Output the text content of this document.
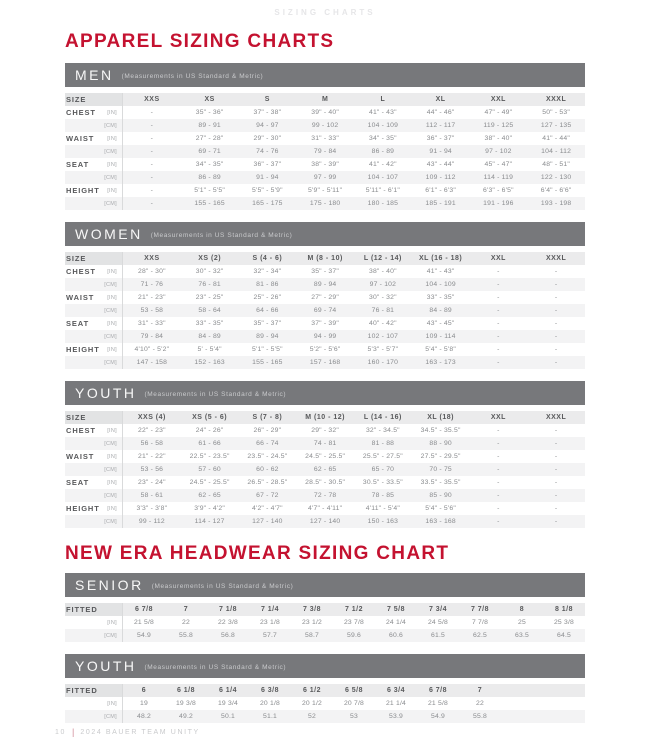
SIZING CHARTS
APPAREL SIZING CHARTS
MEN (Measurements in US Standard & Metric)
SIZE	XXS	XS	S	M	L	XL	XXL	XXXL
CHEST [IN]	-	35" - 36"	37" - 38"	39" - 40"	41" - 43"	44" - 46"	47" - 49"	50" - 53"
[CM]	-	89 - 91	94 - 97	99 - 102	104 - 109	112 - 117	119 - 125	127 - 135
WAIST [IN]	-	27" - 28"	29" - 30"	31" - 33"	34" - 35"	36" - 37"	38" - 40"	41" - 44"
[CM]	-	69 - 71	74 - 76	79 - 84	86 - 89	91 - 94	97 - 102	104 - 112
SEAT	[IN]	-	34" - 35"	36" - 37"	38" - 39"	41" - 42"	43" - 44"	45" - 47"	48" - 51"
[CM]	-	86 - 89	91 - 94	97 - 99	104 - 107	109 - 112	114 - 119	122 - 130
HEIGHT [IN]	-	5'1" - 5'5"	5'5" - 5'9"	5'9" - 5'11"	5'11" - 6'1"	6'1" - 6'3"	6'3" - 6'5"	6'4" - 6'6"
[CM]	-	155 - 165	165 - 175	175 - 180	180 - 185	185 - 191	191 - 196	193 - 198
WOMEN (Measurements in US Standard & Metric)
SIZE	XXS	XS (2)	S (4 - 6)	M (8 - 10)	L (12 - 14)	XL (16 - 18)	XXL	XXXL
CHEST [IN]	28" - 30"	30" - 32"	32" - 34"	35" - 37"	38" - 40"	41" - 43"	-	-
[CM]	71 - 76	76 - 81	81 - 86	89 - 94	97 - 102	104 - 109	-	-
WAIST [IN]	21" - 23"	23" - 25"	25" - 26"	27" - 29"	30" - 32"	33" - 35"	-	-
[CM]	53 - 58	58 - 64	64 - 66	69 - 74	76 - 81	84 - 89	-	-
SEAT	[IN]	31" - 33"	33" - 35"	35" - 37"	37" - 39"	40" - 42"	43" - 45"	-	-
[CM]	79 - 84	84 - 89	89 - 94	94 - 99	102 - 107	109 - 114	-	-
HEIGHT [IN]	4'10" - 5'2"	5' - 5'4"	5'1" - 5'5"	5'2" - 5'6"	5'3" - 5'7"	5'4" - 5'8"	-	-
[CM]	147 - 158	152 - 163	155 - 165	157 - 168	160 - 170	163 - 173	-	-
YOUTH (Measurements in US Standard & Metric)
SIZE	XXS (4)	XS (5 - 6)	S (7 - 8)	M (10 - 12)	L (14 - 16)	XL (18)	XXL	XXXL
CHEST [IN]	22" - 23"	24" - 26"	26" - 29"	29" - 32"	32" - 34.5"	34.5" - 35.5"	-	-
[CM]	56 - 58	61 - 66	66 - 74	74 - 81	81 - 88	88 - 90	-	-
WAIST [IN]	21" - 22"	22.5" - 23.5"	23.5" - 24.5"	24.5" - 25.5"	25.5" - 27.5"	27.5" - 29.5"	-	-
[CM]	53 - 56	57 - 60	60 - 62	62 - 65	65 - 70	70 - 75	-	-
SEAT	[IN]	23" - 24"	24.5" - 25.5"	26.5" - 28.5"	28.5" - 30.5"	30.5" - 33.5"	33.5" - 35.5"	-	-
[CM]	58 - 61	62 - 65	67 - 72	72 - 78	78 - 85	85 - 90	-	-
HEIGHT [IN]	3'3" - 3'8"	3'9" - 4'2"	4'2" - 4'7"	4'7" - 4'11"	4'11" - 5'4"	5'4" - 5'6"	-	-
[CM]	99 - 112	114 - 127	127 - 140	127 - 140	150 - 163	163 - 168	-	-
NEW ERA HEADWEAR SIZING CHART
SENIOR (Measurements in US Standard & Metric)
FITTED	6 7/8	7	7 1/8	7 1/4	7 3/8	7 1/2	7 5/8	7 3/4	7 7/8	8	8 1/8
[IN]	21 5/8	22	22 3/8	23 1/8	23 1/2	23 7/8	24 1/4	24 5/8	7 7/8	25	25 3/8
[CM]	54.9	55.8	56.8	57.7	58.7	59.6	60.6	61.5	62.5	63.5	64.5
YOUTH (Measurements in US Standard & Metric)
FITTED	6	6 1/8	6 1/4	6 3/8	6 1/2	6 5/8	6 3/4	6 7/8	7
[IN]	19	19 3/8	19 3/4	20 1/8	20 1/2	20 7/8	21 1/4	21 5/8	22
[CM]	48.2	49.2	50.1	51.1	52	53	53.9	54.9	55.8
10 | 2024 BAUER TEAM UNITY
